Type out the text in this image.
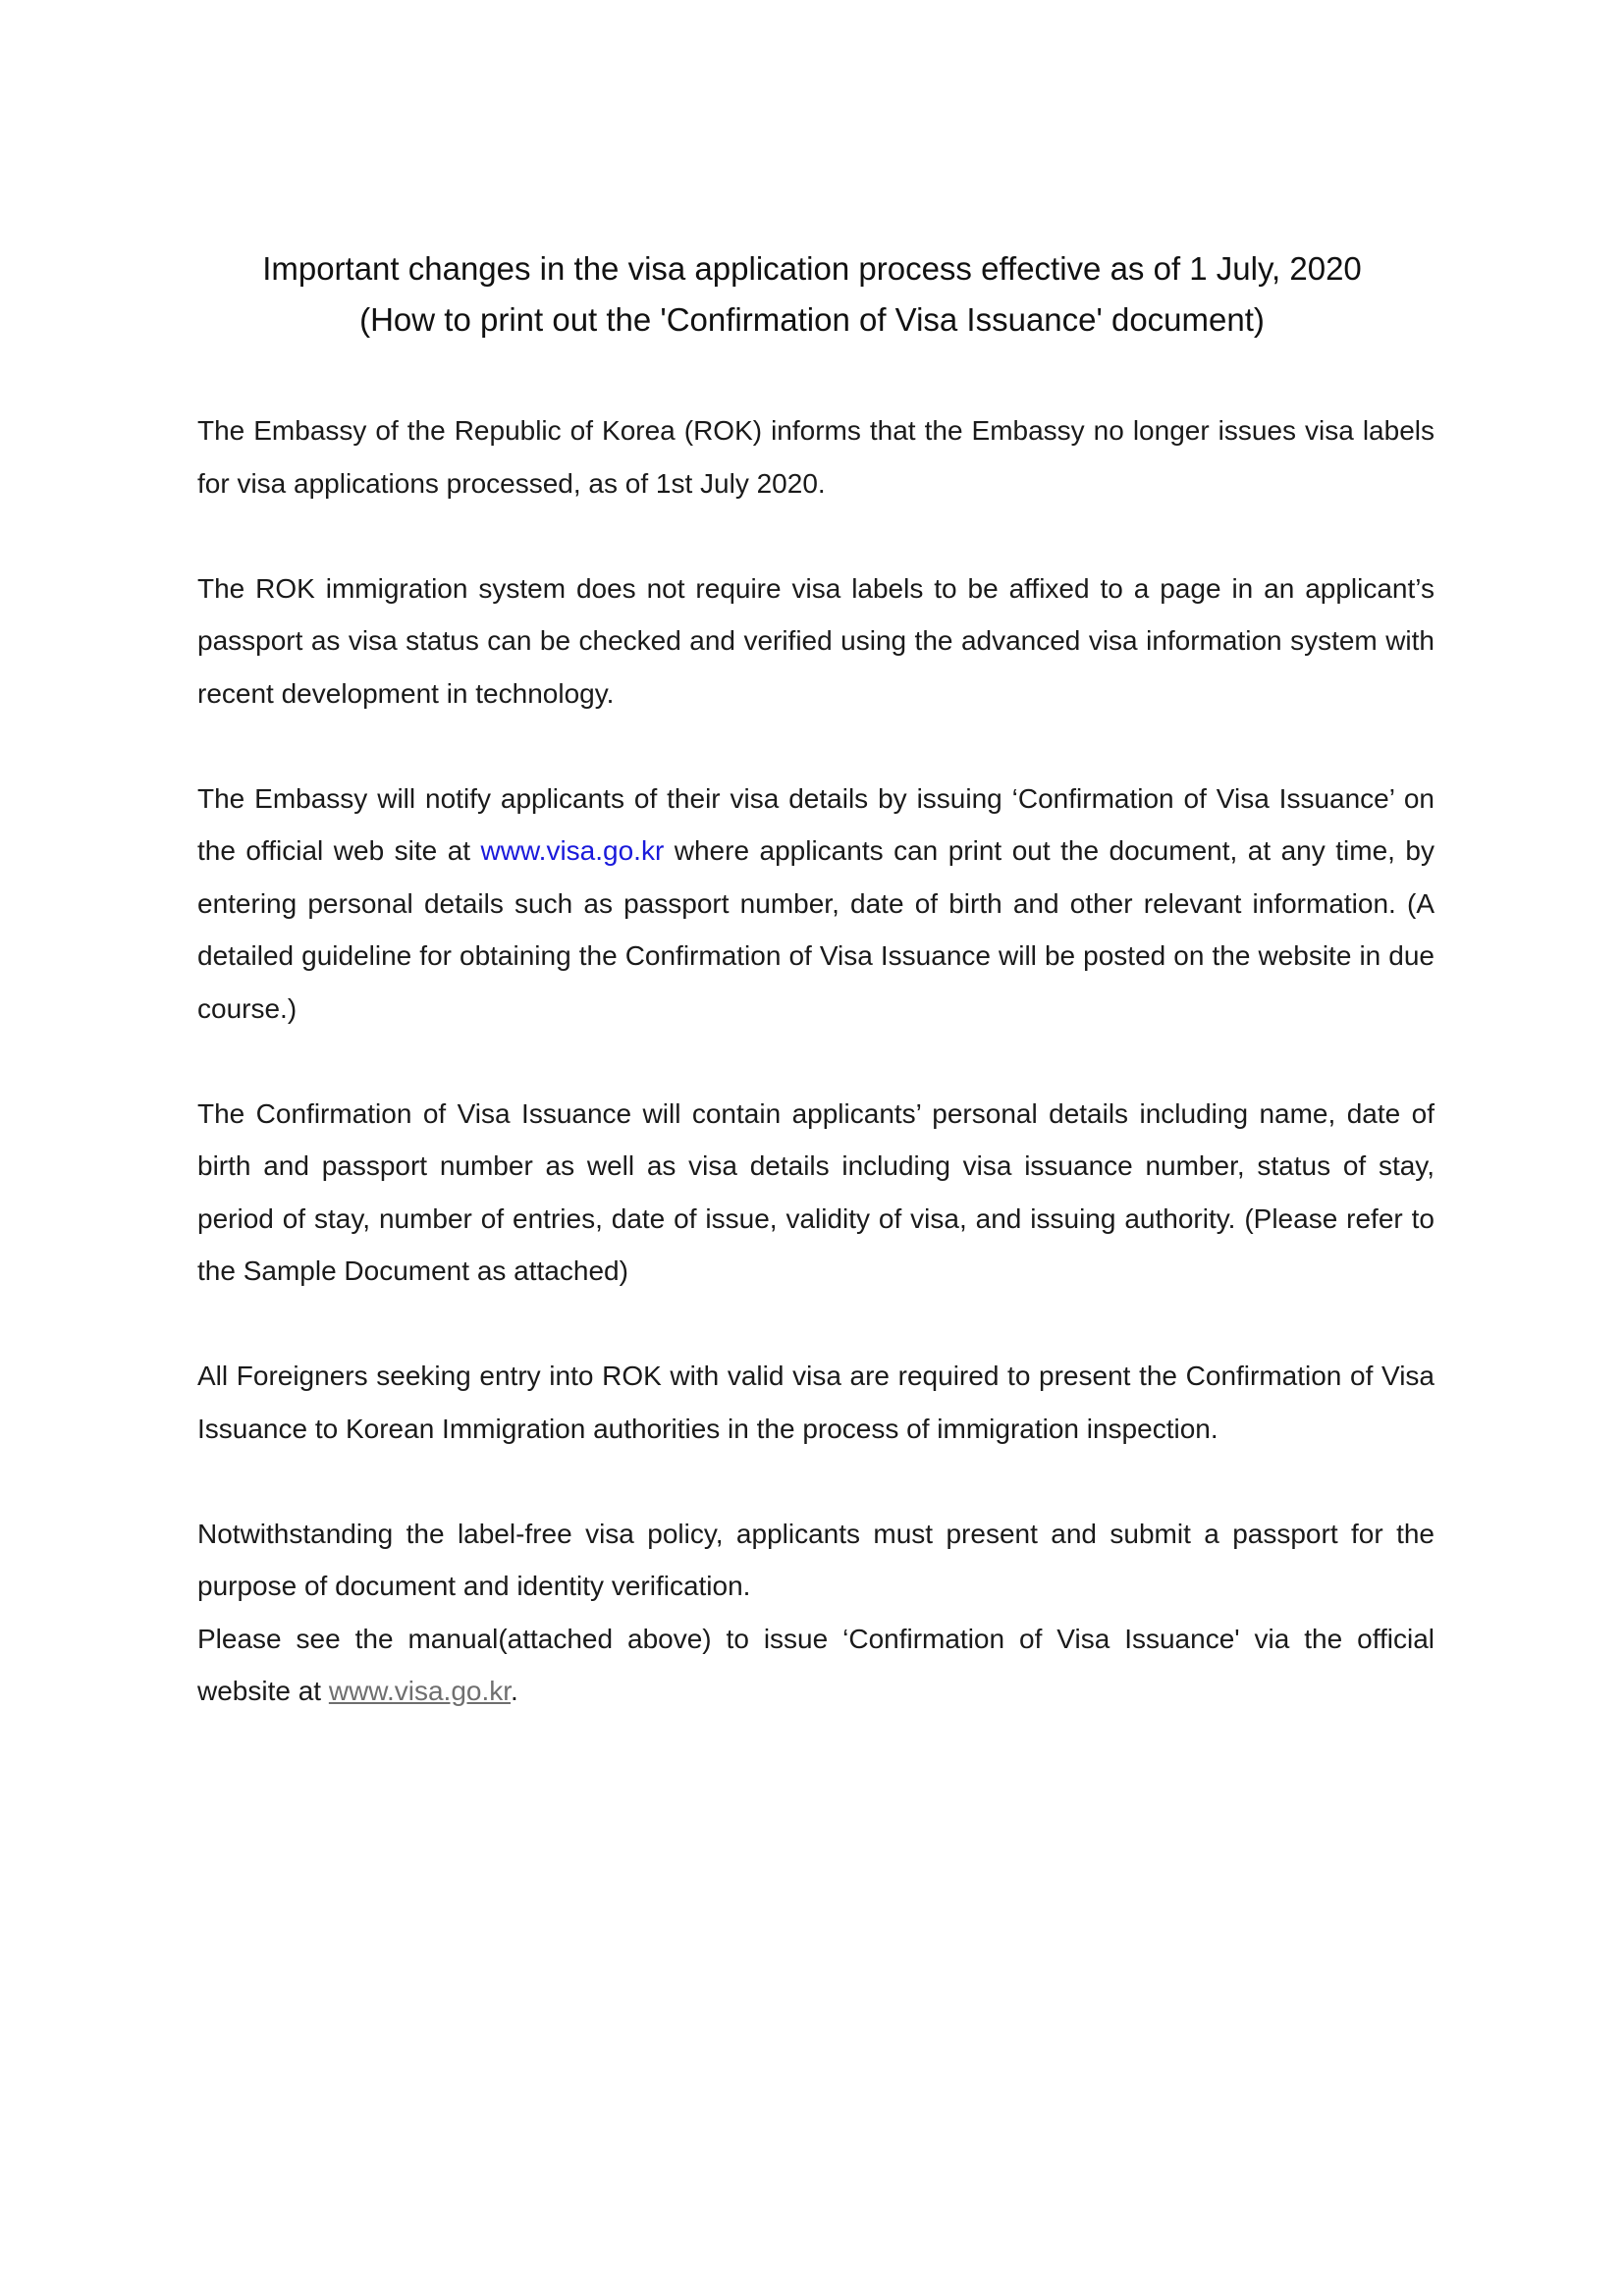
Important changes in the visa application process effective as of 1 July, 2020
(How to print out the 'Confirmation of Visa Issuance' document)

The Embassy of the Republic of Korea (ROK) informs that the Embassy no longer issues visa labels for visa applications processed, as of 1st July 2020.

The ROK immigration system does not require visa labels to be affixed to a page in an applicant’s passport as visa status can be checked and verified using the advanced visa information system with recent development in technology.

The Embassy will notify applicants of their visa details by issuing ‘Confirmation of Visa Issuance’ on the official web site at www.visa.go.kr where applicants can print out the document, at any time, by entering personal details such as passport number, date of birth and other relevant information. (A detailed guideline for obtaining the Confirmation of Visa Issuance will be posted on the website in due course.)

The Confirmation of Visa Issuance will contain applicants’ personal details including name, date of birth and passport number as well as visa details including visa issuance number, status of stay, period of stay, number of entries, date of issue, validity of visa, and issuing authority. (Please refer to the Sample Document as attached)

All Foreigners seeking entry into ROK with valid visa are required to present the Confirmation of Visa Issuance to Korean Immigration authorities in the process of immigration inspection.

Notwithstanding the label-free visa policy, applicants must present and submit a passport for the purpose of document and identity verification.

Please see the manual(attached above) to issue ‘Confirmation of Visa Issuance' via the official website at www.visa.go.kr.
